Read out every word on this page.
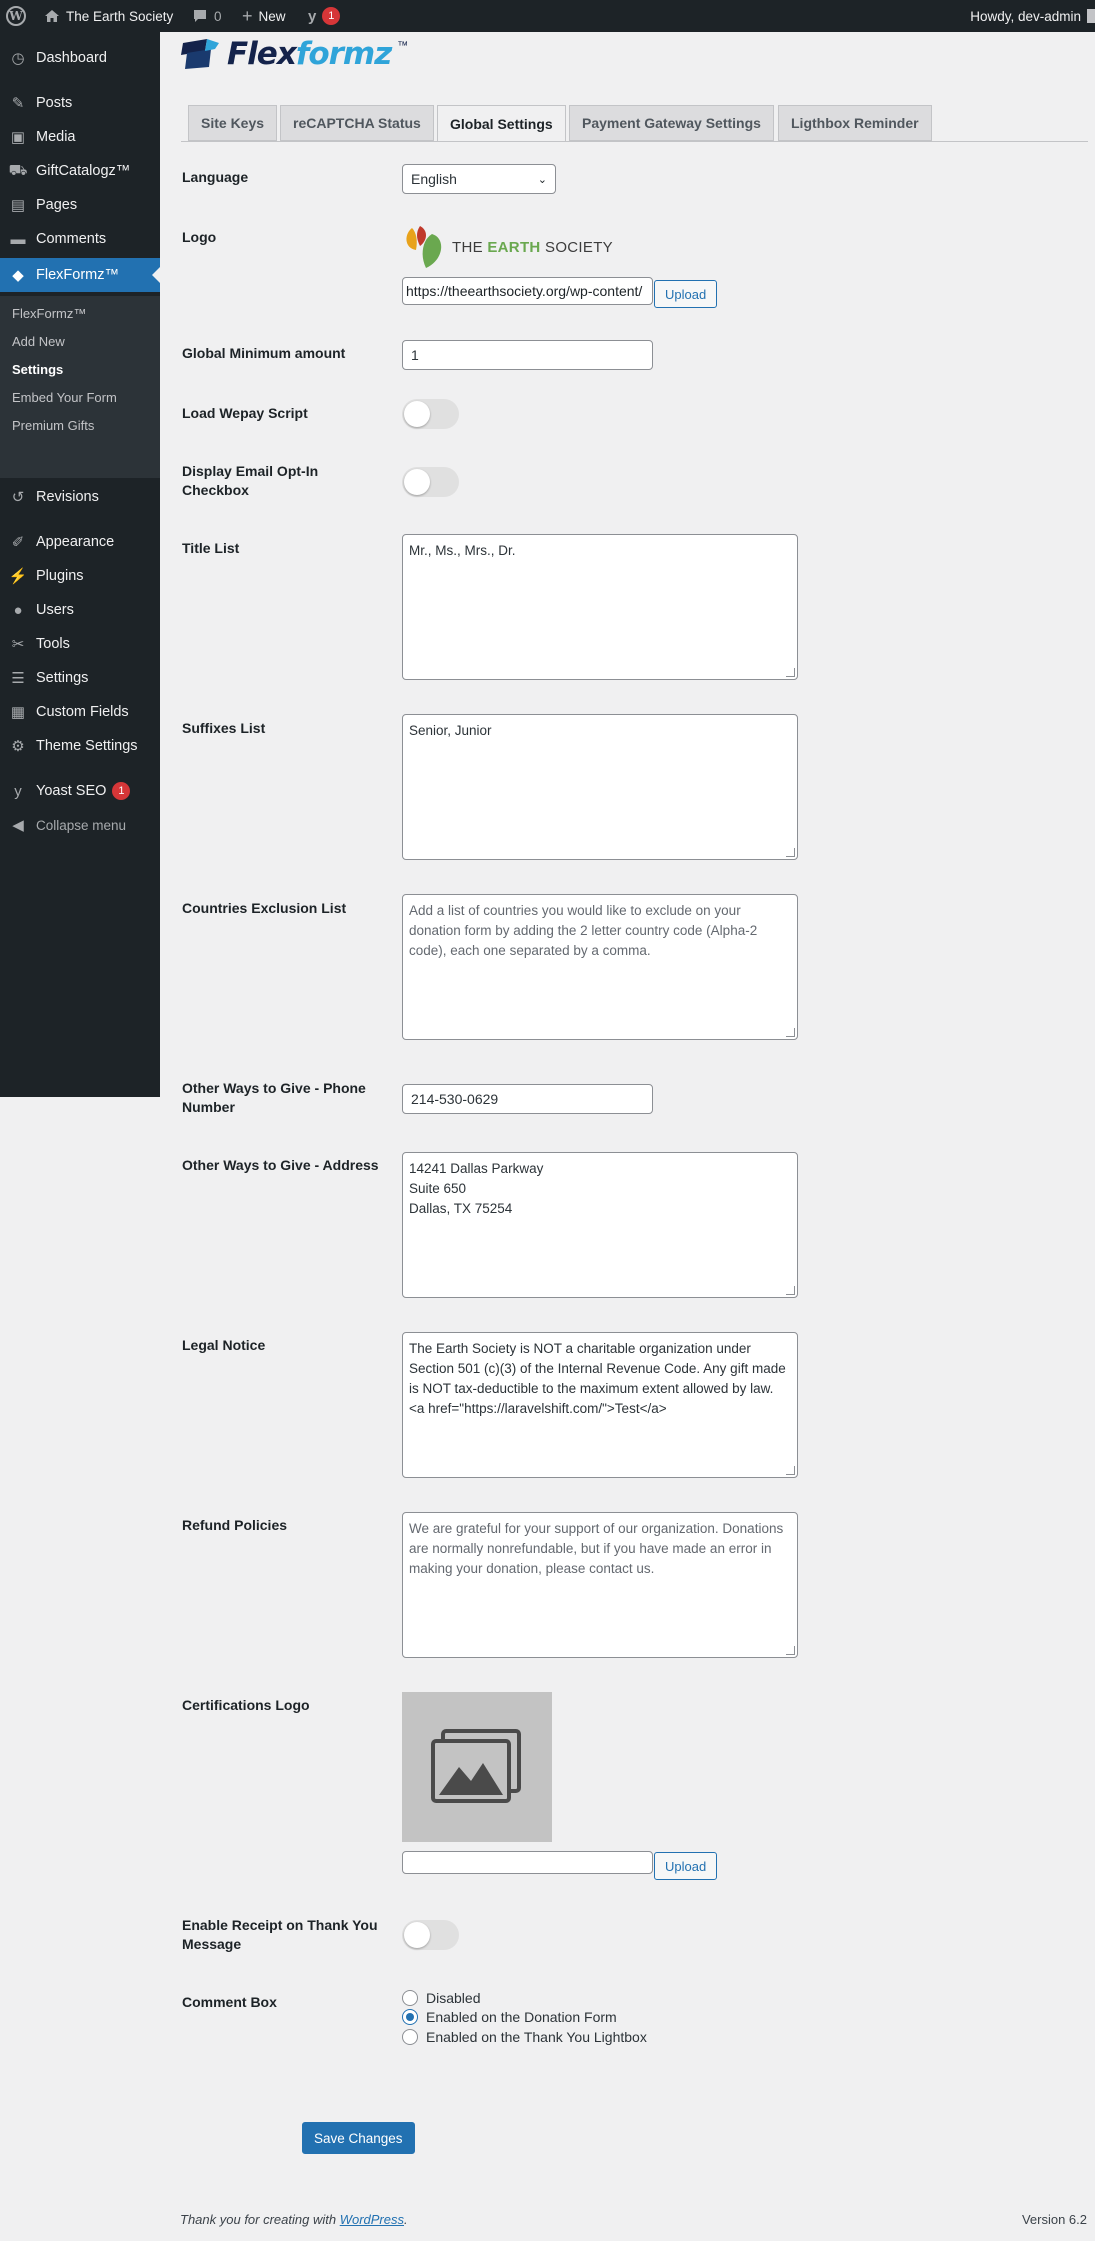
W	The Earth Society	0 + New y	1	Howdy, dev-admin
◷ Dashboard
✎ Posts
▣ Media
⛟ GiftCatalogz™
▤ Pages
▬ Comments
◆ FlexFormz™
FlexFormz™
Add New
Settings
Embed Your Form
Premium Gifts
↺ Revisions
✐ Appearance
⚡ Plugins
● Users
✂ Tools
☰ Settings
▦ Custom Fields
⚙ Theme Settings
y Yoast SEO	1
◀ Collapse menu
Flexformz ™
Site Keys	reCAPTCHA Status	Global Settings	Payment Gateway Settings	Ligthbox Reminder
Language	English	⌄
Logo
THE EARTH SOCIETY
https://theearthsociety.org/wp-content/	Upload
Global Minimum amount	1
Load Wepay Script
Display Email Opt-In Checkbox
Title List	Mr., Ms., Mrs., Dr.
Suffixes List	Senior, Junior
Countries Exclusion List	Add a list of countries you would like to exclude on your donation form by adding the 2 letter country code (Alpha-2 code), each one separated by a comma.
Other Ways to Give - Phone Number	214-530-0629
Other Ways to Give - Address	14241 Dallas Parkway
Suite 650
Dallas, TX 75254
Legal Notice	The Earth Society is NOT a charitable organization under Section 501 (c)(3) of the Internal Revenue Code. Any gift made is NOT tax-deductible to the maximum extent allowed by law. <a href="https://laravelshift.com/">Test</a>
Refund Policies	We are grateful for your support of our organization. Donations are normally nonrefundable, but if you have made an error in making your donation, please contact us.
Certifications Logo
Upload
Enable Receipt on Thank You Message
Comment Box	Disabled
Enabled on the Donation Form
Enabled on the Thank You Lightbox
Save Changes
Thank you for creating with WordPress.	Version 6.2
